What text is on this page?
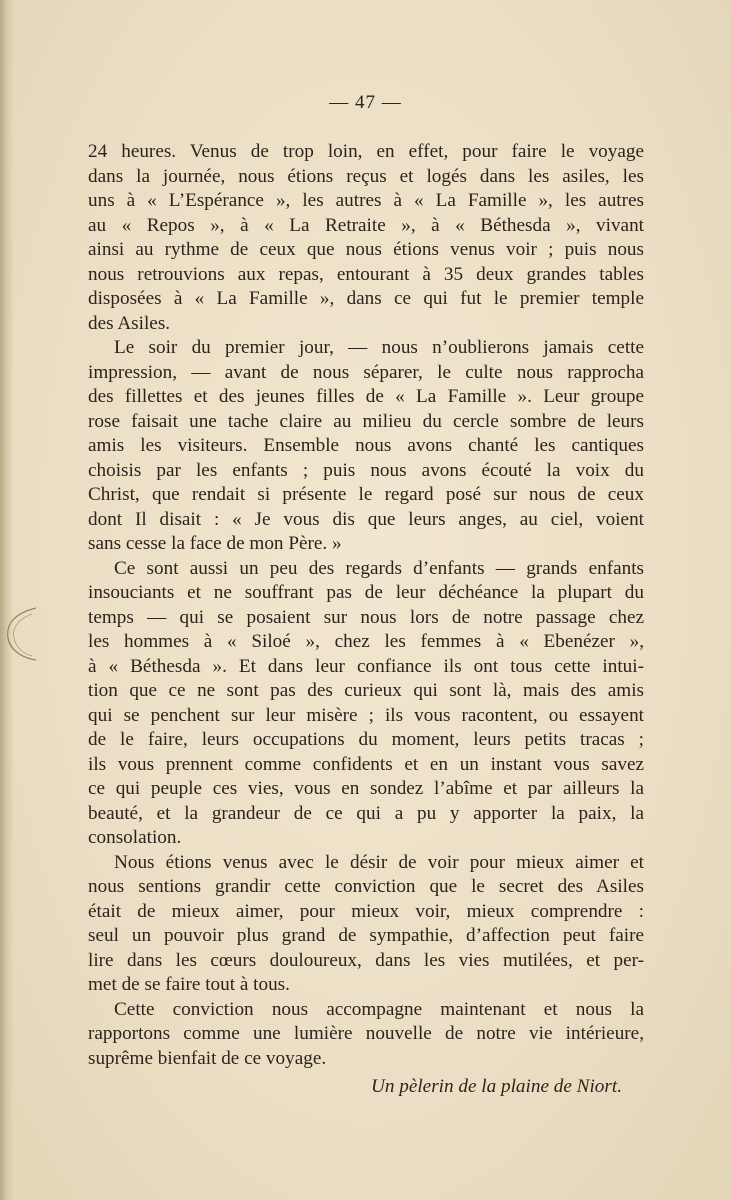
— 47 —
24 heures. Venus de trop loin, en effet, pour faire le voyage
dans la journée, nous étions reçus et logés dans les asiles, les
uns à « L’Espérance », les autres à « La Famille », les autres
au « Repos », à « La Retraite », à « Béthesda », vivant
ainsi au rythme de ceux que nous étions venus voir ; puis nous
nous retrouvions aux repas, entourant à 35 deux grandes tables
disposées à « La Famille », dans ce qui fut le premier temple
des Asiles.
Le soir du premier jour, — nous n’oublierons jamais cette
impression, — avant de nous séparer, le culte nous rapprocha
des fillettes et des jeunes filles de « La Famille ». Leur groupe
rose faisait une tache claire au milieu du cercle sombre de leurs
amis les visiteurs. Ensemble nous avons chanté les cantiques
choisis par les enfants ; puis nous avons écouté la voix du
Christ, que rendait si présente le regard posé sur nous de ceux
dont Il disait : « Je vous dis que leurs anges, au ciel, voient
sans cesse la face de mon Père. »
Ce sont aussi un peu des regards d’enfants — grands enfants
insouciants et ne souffrant pas de leur déchéance la plupart du
temps — qui se posaient sur nous lors de notre passage chez
les hommes à « Siloé », chez les femmes à « Ebenézer »,
à « Béthesda ». Et dans leur confiance ils ont tous cette intui-
tion que ce ne sont pas des curieux qui sont là, mais des amis
qui se penchent sur leur misère ; ils vous racontent, ou essayent
de le faire, leurs occupations du moment, leurs petits tracas ;
ils vous prennent comme confidents et en un instant vous savez
ce qui peuple ces vies, vous en sondez l’abîme et par ailleurs la
beauté, et la grandeur de ce qui a pu y apporter la paix, la
consolation.
Nous étions venus avec le désir de voir pour mieux aimer et
nous sentions grandir cette conviction que le secret des Asiles
était de mieux aimer, pour mieux voir, mieux comprendre :
seul un pouvoir plus grand de sympathie, d’affection peut faire
lire dans les cœurs douloureux, dans les vies mutilées, et per-
met de se faire tout à tous.
Cette conviction nous accompagne maintenant et nous la
rapportons comme une lumière nouvelle de notre vie intérieure,
suprême bienfait de ce voyage.
Un pèlerin de la plaine de Niort.
